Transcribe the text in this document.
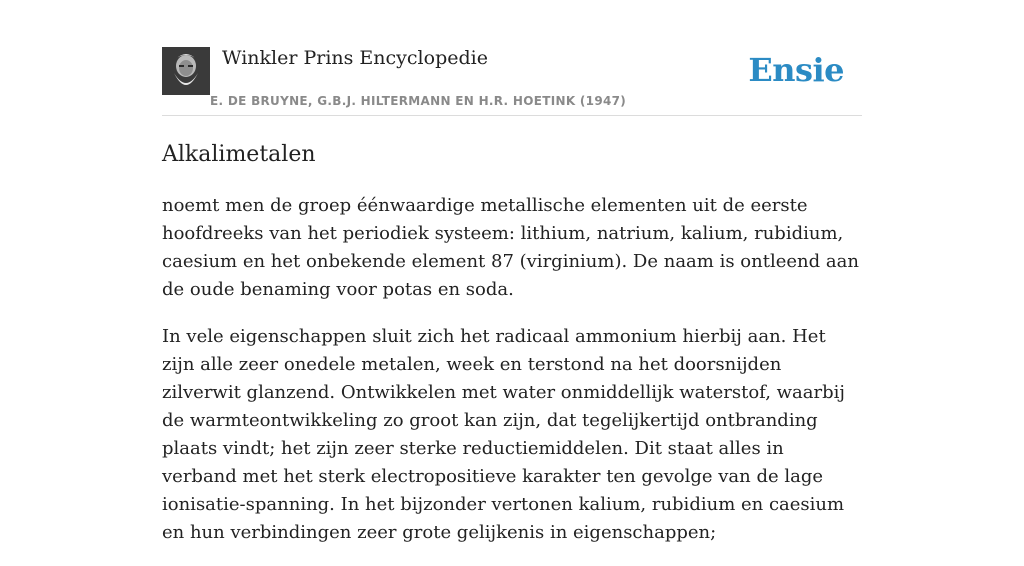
Winkler Prins Encyclopedie

E. DE BRUYNE, G.B.J. HILTERMANN EN H.R. HOETINK (1947)
Ensie
Alkalimetalen

noemt men de groep éénwaardige metallische elementen uit de eerste hoofdreeks van het periodiek systeem: lithium, natrium, kalium, rubidium, caesium en het onbekende element 87 (virginium). De naam is ontleend aan de oude benaming voor potas en soda.

In vele eigenschappen sluit zich het radicaal ammonium hierbij aan. Het zijn alle zeer onedele metalen, week en terstond na het doorsnijden zilverwit glanzend. Ontwikkelen met water onmiddellijk waterstof, waarbij de warmteontwikkeling zo groot kan zijn, dat tegelijkertijd ontbranding plaats vindt; het zijn zeer sterke reductiemiddelen. Dit staat alles in verband met het sterk electropositieve karakter ten gevolge van de lage ionisatie-spanning. In het bijzonder vertonen kalium, rubidium en caesium en hun verbindingen zeer grote gelijkenis in eigenschappen;
